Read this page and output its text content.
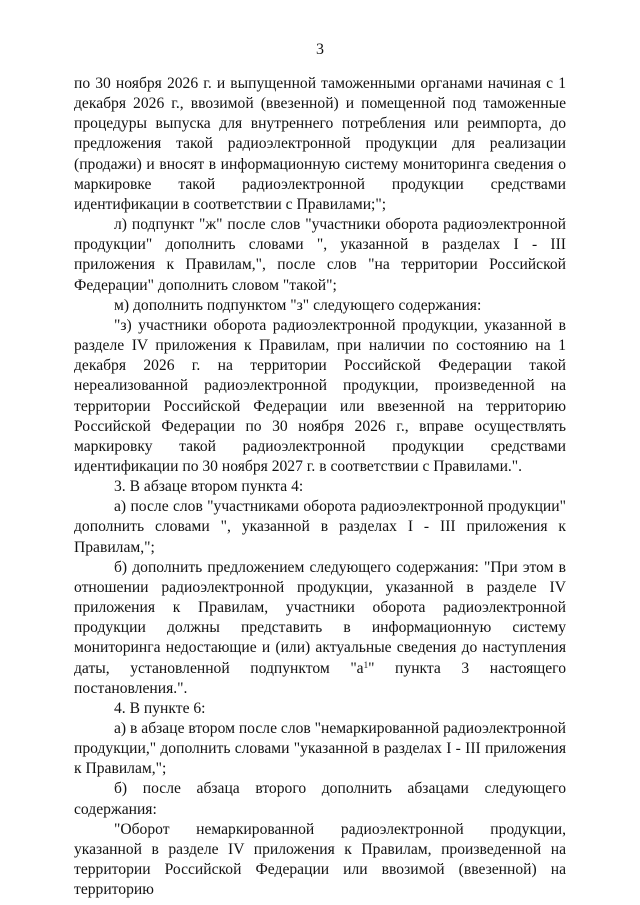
3

по 30 ноября 2026 г. и выпущенной таможенными органами начиная с 1 декабря 2026 г., ввозимой (ввезенной) и помещенной под таможенные процедуры выпуска для внутреннего потребления или реимпорта, до предложения такой радиоэлектронной продукции для реализации (продажи) и вносят в информационную систему мониторинга сведения о маркировке такой радиоэлектронной продукции средствами идентификации в соответствии с Правилами;";

л) подпункт "ж" после слов "участники оборота радиоэлектронной продукции" дополнить словами ", указанной в разделах I - III приложения к Правилам,", после слов "на территории Российской Федерации" дополнить словом "такой";

м) дополнить подпунктом "з" следующего содержания:

"з) участники оборота радиоэлектронной продукции, указанной в разделе IV приложения к Правилам, при наличии по состоянию на 1 декабря 2026 г. на территории Российской Федерации такой нереализованной радиоэлектронной продукции, произведенной на территории Российской Федерации или ввезенной на территорию Российской Федерации по 30 ноября 2026 г., вправе осуществлять маркировку такой радиоэлектронной продукции средствами идентификации по 30 ноября 2027 г. в соответствии с Правилами.".

3. В абзаце втором пункта 4:

а) после слов "участниками оборота радиоэлектронной продукции" дополнить словами ", указанной в разделах I - III приложения к Правилам,";

б) дополнить предложением следующего содержания: "При этом в отношении радиоэлектронной продукции, указанной в разделе IV приложения к Правилам, участники оборота радиоэлектронной продукции должны представить в информационную систему мониторинга недостающие и (или) актуальные сведения до наступления даты, установленной подпунктом "$а^1$" пункта 3 настоящего постановления.".

4. В пункте 6:

а) в абзаце втором после слов "немаркированной радиоэлектронной продукции," дополнить словами "указанной в разделах I - III приложения к Правилам,";

б) после абзаца второго дополнить абзацами следующего содержания:

"Оборот немаркированной радиоэлектронной продукции, указанной в разделе IV приложения к Правилам, произведенной на территории Российской Федерации или ввозимой (ввезенной) на территорию
